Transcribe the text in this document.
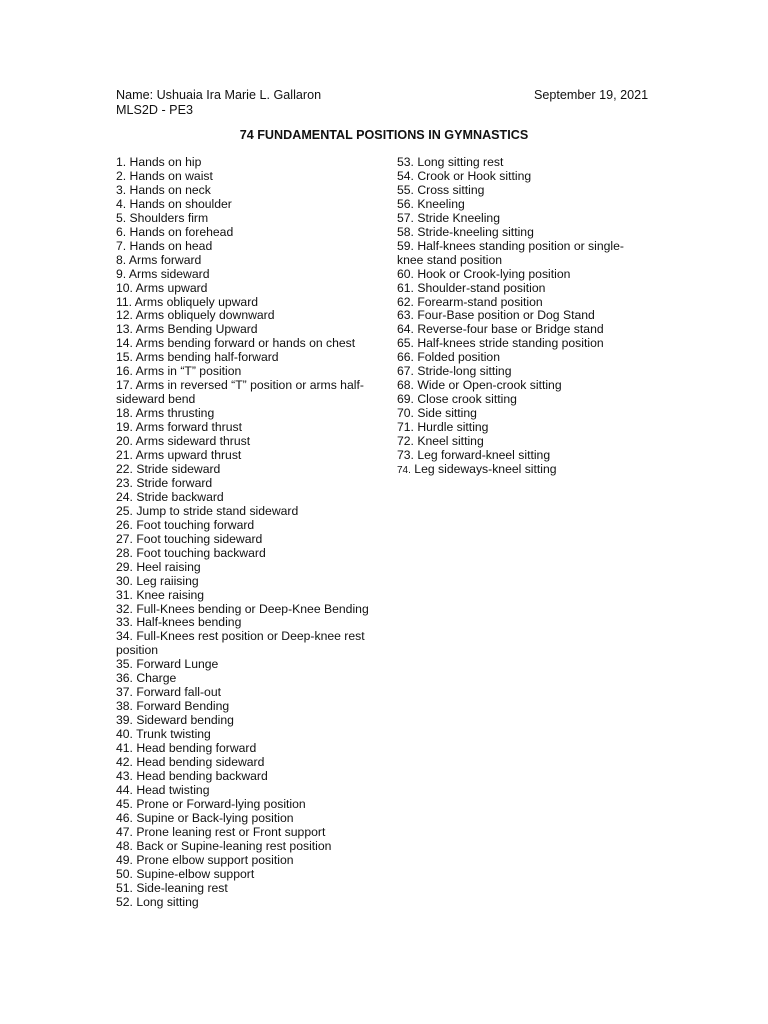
Name: Ushuaia Ira Marie L. Gallaron
MLS2D - PE3
September 19, 2021
74 FUNDAMENTAL POSITIONS IN GYMNASTICS
1. Hands on hip
2. Hands on waist
3. Hands on neck
4. Hands on shoulder
5. Shoulders firm
6. Hands on forehead
7. Hands on head
8. Arms forward
9. Arms sideward
10. Arms upward
11. Arms obliquely upward
12. Arms obliquely downward
13. Arms Bending Upward
14. Arms bending forward or hands on chest
15. Arms bending half-forward
16. Arms in “T” position
17. Arms in reversed “T” position or arms half-sideward bend
18. Arms thrusting
19. Arms forward thrust
20. Arms sideward thrust
21. Arms upward thrust
22. Stride sideward
23. Stride forward
24. Stride backward
25. Jump to stride stand sideward
26. Foot touching forward
27. Foot touching sideward
28. Foot touching backward
29. Heel raising
30. Leg raiising
31. Knee raising
32. Full-Knees bending or Deep-Knee Bending
33. Half-knees bending
34. Full-Knees rest position or Deep-knee rest position
35. Forward Lunge
36. Charge
37. Forward fall-out
38. Forward Bending
39. Sideward bending
40. Trunk twisting
41. Head bending forward
42. Head bending sideward
43. Head bending backward
44. Head twisting
45. Prone or Forward-lying position
46. Supine or Back-lying position
47. Prone leaning rest or Front support
48. Back or Supine-leaning rest position
49. Prone elbow support position
50. Supine-elbow support
51. Side-leaning rest
52. Long sitting
53. Long sitting rest
54. Crook or Hook sitting
55. Cross sitting
56. Kneeling
57. Stride Kneeling
58. Stride-kneeling sitting
59. Half-knees standing position or single-knee stand position
60. Hook or Crook-lying position
61. Shoulder-stand position
62. Forearm-stand position
63. Four-Base position or Dog Stand
64. Reverse-four base or Bridge stand
65. Half-knees stride standing position
66. Folded position
67. Stride-long sitting
68. Wide or Open-crook sitting
69. Close crook sitting
70. Side sitting
71. Hurdle sitting
72. Kneel sitting
73. Leg forward-kneel sitting
74. Leg sideways-kneel sitting
